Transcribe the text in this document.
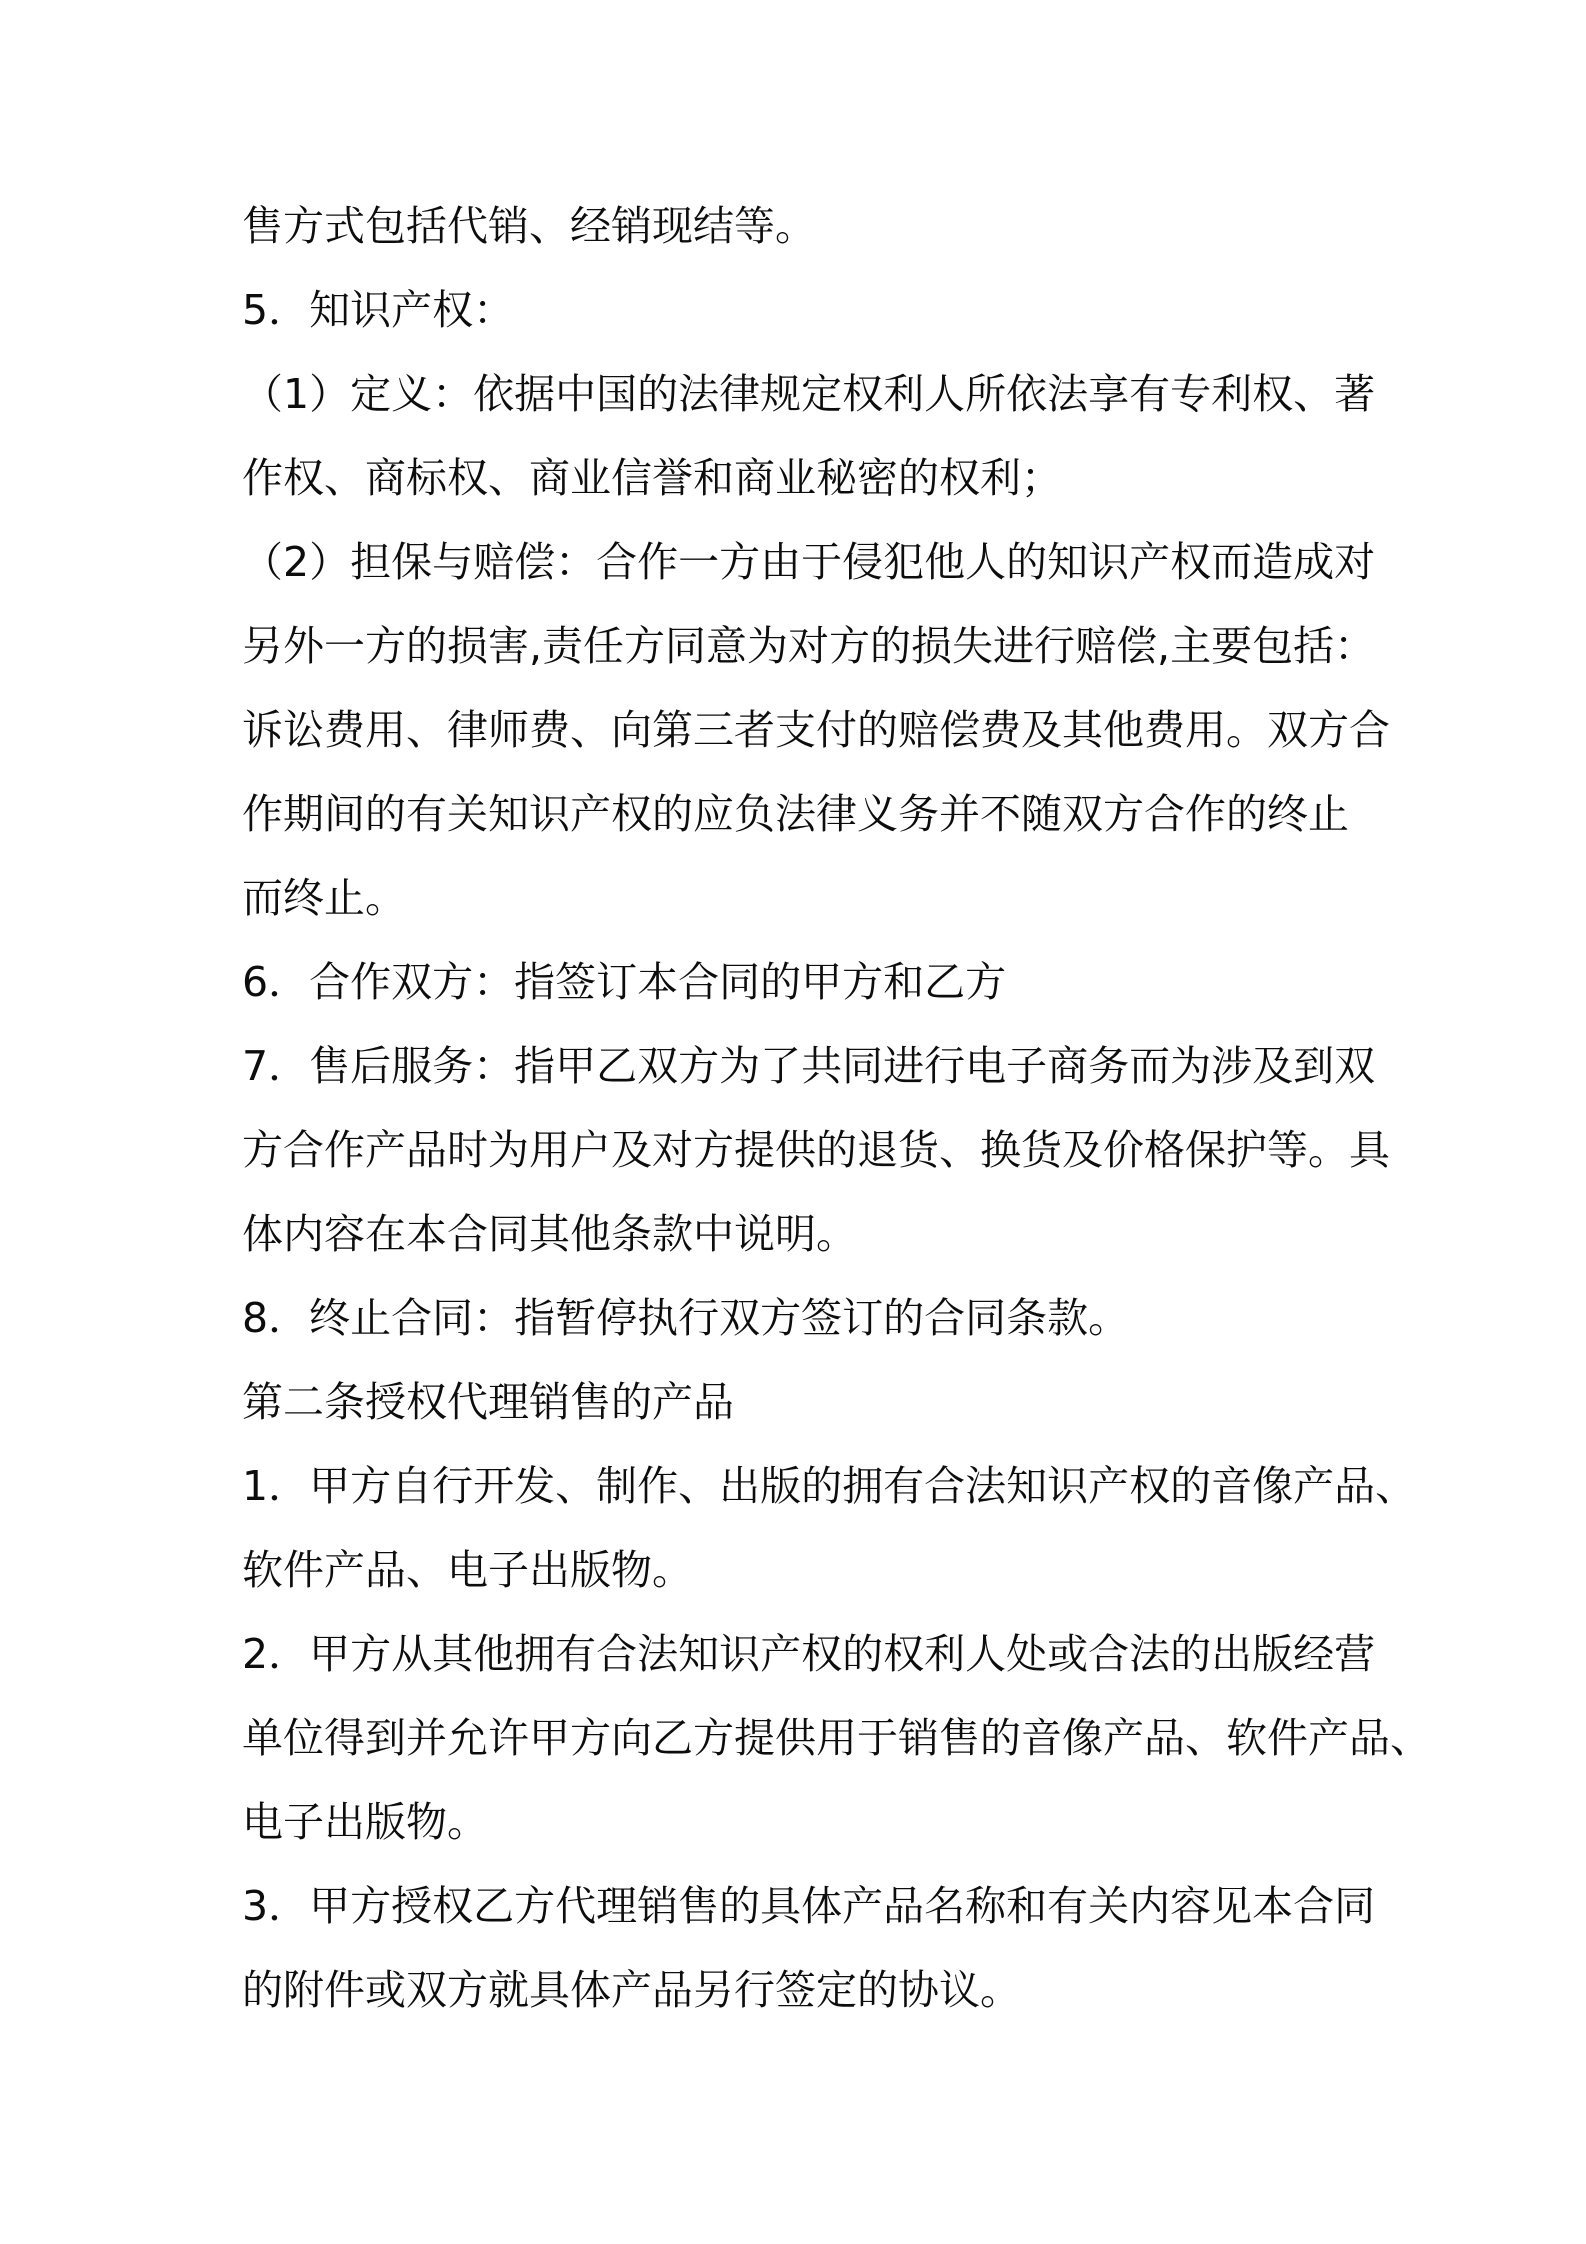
售方式包括代销、经销现结等。
5．知识产权：
（1）定义：依据中国的法律规定权利人所依法享有专利权、著
作权、商标权、商业信誉和商业秘密的权利；
（2）担保与赔偿：合作一方由于侵犯他人的知识产权而造成对
另外一方的损害,责任方同意为对方的损失进行赔偿,主要包括：
诉讼费用、律师费、向第三者支付的赔偿费及其他费用。双方合
作期间的有关知识产权的应负法律义务并不随双方合作的终止
而终止。
6．合作双方：指签订本合同的甲方和乙方
7．售后服务：指甲乙双方为了共同进行电子商务而为涉及到双
方合作产品时为用户及对方提供的退货、换货及价格保护等。具
体内容在本合同其他条款中说明。
8．终止合同：指暂停执行双方签订的合同条款。
第二条授权代理销售的产品
1．甲方自行开发、制作、出版的拥有合法知识产权的音像产品、
软件产品、电子出版物。
2．甲方从其他拥有合法知识产权的权利人处或合法的出版经营
单位得到并允许甲方向乙方提供用于销售的音像产品、软件产品、
电子出版物。
3．甲方授权乙方代理销售的具体产品名称和有关内容见本合同
的附件或双方就具体产品另行签定的协议。
